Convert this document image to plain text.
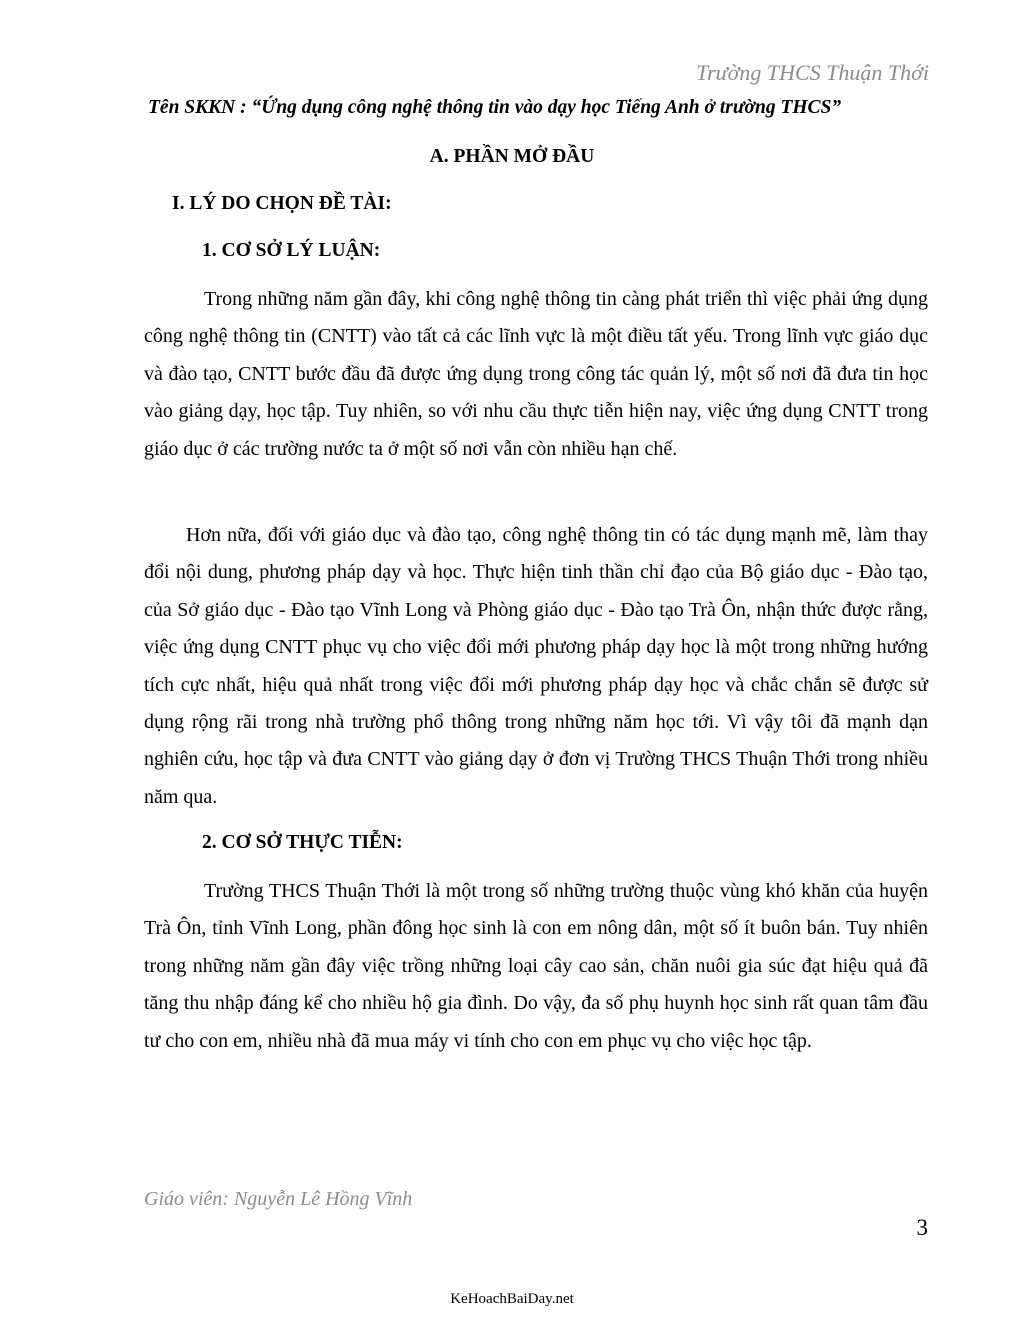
Trường THCS Thuận Thới
Tên SKKN : “Ứng dụng công nghệ thông tin vào dạy học Tiếng Anh ở trường THCS”
A. PHẦN MỞ ĐẦU
I. LÝ DO CHỌN ĐỀ TÀI:
1. CƠ SỞ LÝ LUẬN:

Trong những năm gần đây, khi công nghệ thông tin càng phát triển thì việc phải ứng dụng công nghệ thông tin (CNTT) vào tất cả các lĩnh vực là một điều tất yếu. Trong lĩnh vực giáo dục và đào tạo, CNTT bước đầu đã được ứng dụng trong công tác quản lý, một số nơi đã đưa tin học vào giảng dạy, học tập. Tuy nhiên, so với nhu cầu thực tiễn hiện nay, việc ứng dụng CNTT trong giáo dục ở các trường nước ta ở một số nơi vẫn còn nhiều hạn chế.

Hơn nữa, đối với giáo dục và đào tạo, công nghệ thông tin có tác dụng mạnh mẽ, làm thay đổi nội dung, phương pháp dạy và học. Thực hiện tinh thần chỉ đạo của Bộ giáo dục - Đào tạo, của Sở giáo dục - Đào tạo Vĩnh Long và Phòng giáo dục - Đào tạo Trà Ôn, nhận thức được rằng, việc ứng dụng CNTT phục vụ cho việc đổi mới phương pháp dạy học là một trong những hướng tích cực nhất, hiệu quả nhất trong việc đổi mới phương pháp dạy học và chắc chắn sẽ được sử dụng rộng rãi trong nhà trường phổ thông trong những năm học tới. Vì vậy tôi đã mạnh dạn nghiên cứu, học tập và đưa CNTT vào giảng dạy ở đơn vị Trường THCS Thuận Thới trong nhiều năm qua.

2. CƠ SỞ THỰC TIỄN:

Trường THCS Thuận Thới là một trong số những trường thuộc vùng khó khăn của huyện Trà Ôn, tỉnh Vĩnh Long, phần đông học sinh là con em nông dân, một số ít buôn bán. Tuy nhiên trong những năm gần đây việc trồng những loại cây cao sản, chăn nuôi gia súc đạt hiệu quả đã tăng thu nhập đáng kể cho nhiều hộ gia đình. Do vậy, đa số phụ huynh học sinh rất quan tâm đầu tư cho con em, nhiều nhà đã mua máy vi tính cho con em phục vụ cho việc học tập.

Giáo viên: Nguyễn Lê Hồng Vĩnh
3
KeHoachBaiDay.net
